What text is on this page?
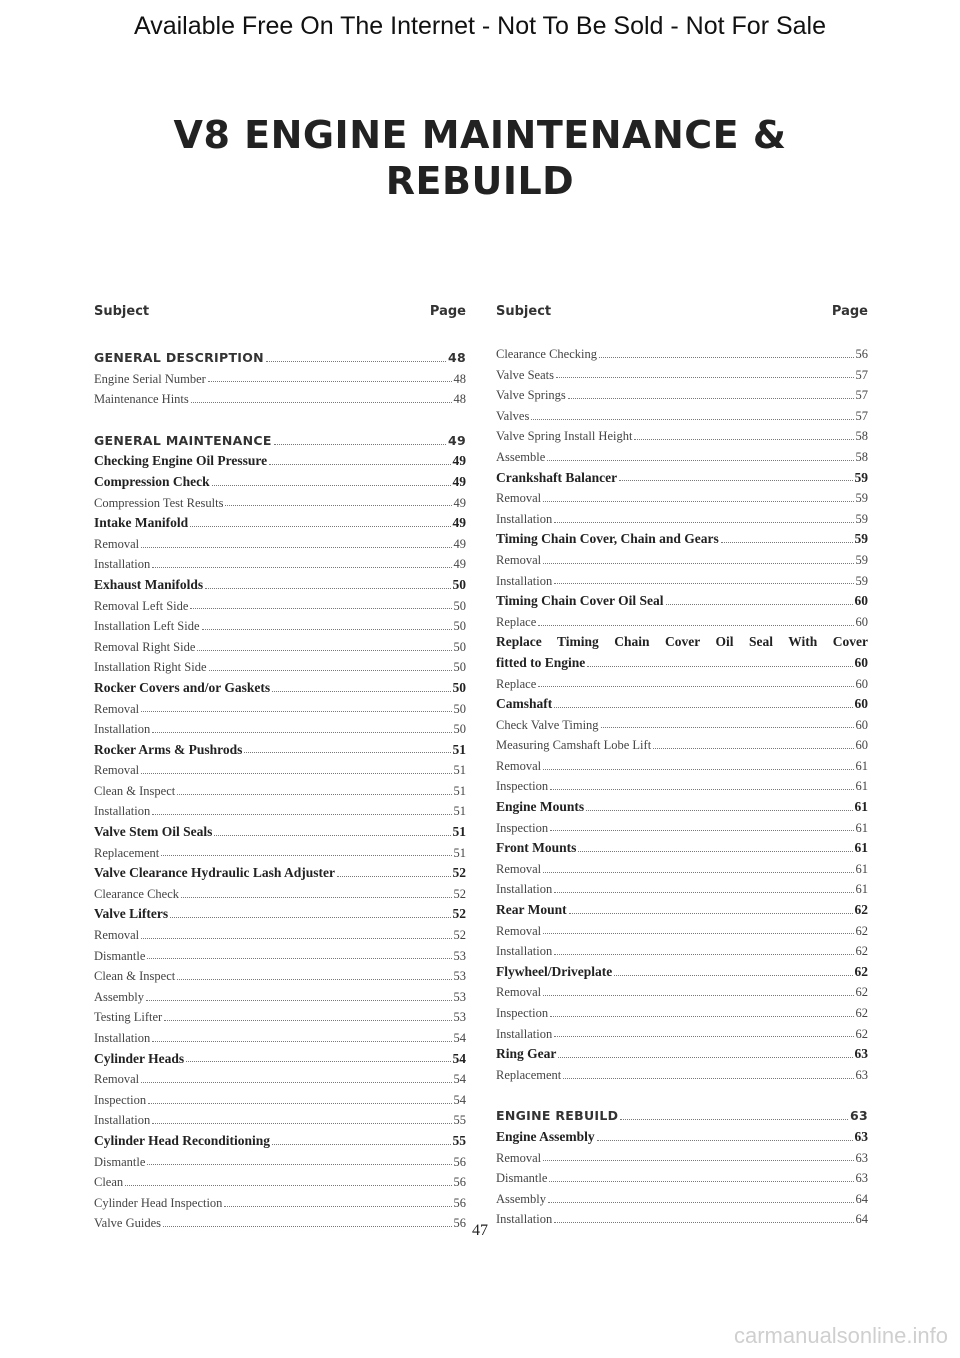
Available Free On The Internet - Not To Be Sold - Not For Sale
V8 ENGINE MAINTENANCE &
REBUILD
Subject	Page
GENERAL DESCRIPTION	48
Engine Serial Number	48
Maintenance Hints	48
GENERAL MAINTENANCE	49
Checking Engine Oil Pressure	49
Compression Check	49
Compression Test Results	49
Intake Manifold	49
Removal	49
Installation	49
Exhaust Manifolds	50
Removal Left Side	50
Installation Left Side	50
Removal Right Side	50
Installation Right Side	50
Rocker Covers and/or Gaskets	50
Removal	50
Installation	50
Rocker Arms & Pushrods	51
Removal	51
Clean & Inspect	51
Installation	51
Valve Stem Oil Seals	51
Replacement	51
Valve Clearance Hydraulic Lash Adjuster	52
Clearance Check	52
Valve Lifters	52
Removal	52
Dismantle	53
Clean & Inspect	53
Assembly	53
Testing Lifter	53
Installation	54
Cylinder Heads	54
Removal	54
Inspection	54
Installation	55
Cylinder Head Reconditioning	55
Dismantle	56
Clean	56
Cylinder Head Inspection	56
Valve Guides	56
Subject	Page
Clearance Checking	56
Valve Seats	57
Valve Springs	57
Valves	57
Valve Spring Install Height	58
Assemble	58
Crankshaft Balancer	59
Removal	59
Installation	59
Timing Chain Cover, Chain and Gears	59
Removal	59
Installation	59
Timing Chain Cover Oil Seal	60
Replace	60
Replace Timing Chain Cover Oil Seal With Cover
fitted to Engine	60
Replace	60
Camshaft	60
Check Valve Timing	60
Measuring Camshaft Lobe Lift	60
Removal	61
Inspection	61
Engine Mounts	61
Inspection	61
Front Mounts	61
Removal	61
Installation	61
Rear Mount	62
Removal	62
Installation	62
Flywheel/Driveplate	62
Removal	62
Inspection	62
Installation	62
Ring Gear	63
Replacement	63
ENGINE REBUILD	63
Engine Assembly	63
Removal	63
Dismantle	63
Assembly	64
Installation	64
47
carmanualsonline.info
